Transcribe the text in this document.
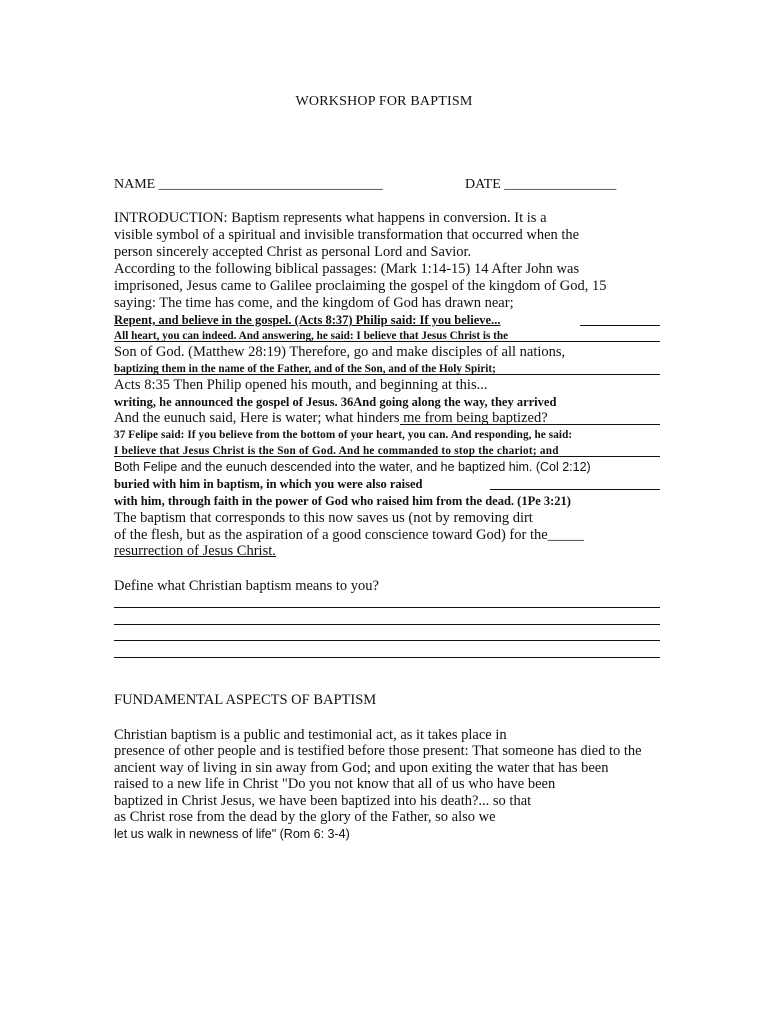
WORKSHOP FOR BAPTISM
NAME ________________________________	DATE ________________
INTRODUCTION: Baptism represents what happens in conversion. It is a
visible symbol of a spiritual and invisible transformation that occurred when the
person sincerely accepted Christ as personal Lord and Savior.
According to the following biblical passages: (Mark 1:14-15) 14 After John was
imprisoned, Jesus came to Galilee proclaiming the gospel of the kingdom of God, 15
saying: The time has come, and the kingdom of God has drawn near;
Repent, and believe in the gospel. (Acts 8:37) Philip said: If you believe...
All heart, you can indeed. And answering, he said: I believe that Jesus Christ is the
Son of God. (Matthew 28:19) Therefore, go and make disciples of all nations,
baptizing them in the name of the Father, and of the Son, and of the Holy Spirit;
Acts 8:35 Then Philip opened his mouth, and beginning at this...
writing, he announced the gospel of Jesus. 36And going along the way, they arrived
And the eunuch said, Here is water; what hinders me from being baptized?
37 Felipe said: If you believe from the bottom of your heart, you can. And responding, he said:
I believe that Jesus Christ is the Son of God. And he commanded to stop the chariot; and
Both Felipe and the eunuch descended into the water, and he baptized him. (Col 2:12)
buried with him in baptism, in which you were also raised
with him, through faith in the power of God who raised him from the dead. (1Pe 3:21)
The baptism that corresponds to this now saves us (not by removing dirt
of the flesh, but as the aspiration of a good conscience toward God) for the_____
resurrection of Jesus Christ.
Define what Christian baptism means to you?
FUNDAMENTAL ASPECTS OF BAPTISM
Christian baptism is a public and testimonial act, as it takes place in
presence of other people and is testified before those present: That someone has died to the
ancient way of living in sin away from God; and upon exiting the water that has been
raised to a new life in Christ "Do you not know that all of us who have been
baptized in Christ Jesus, we have been baptized into his death?... so that
as Christ rose from the dead by the glory of the Father, so also we
let us walk in newness of life" (Rom 6: 3-4)
